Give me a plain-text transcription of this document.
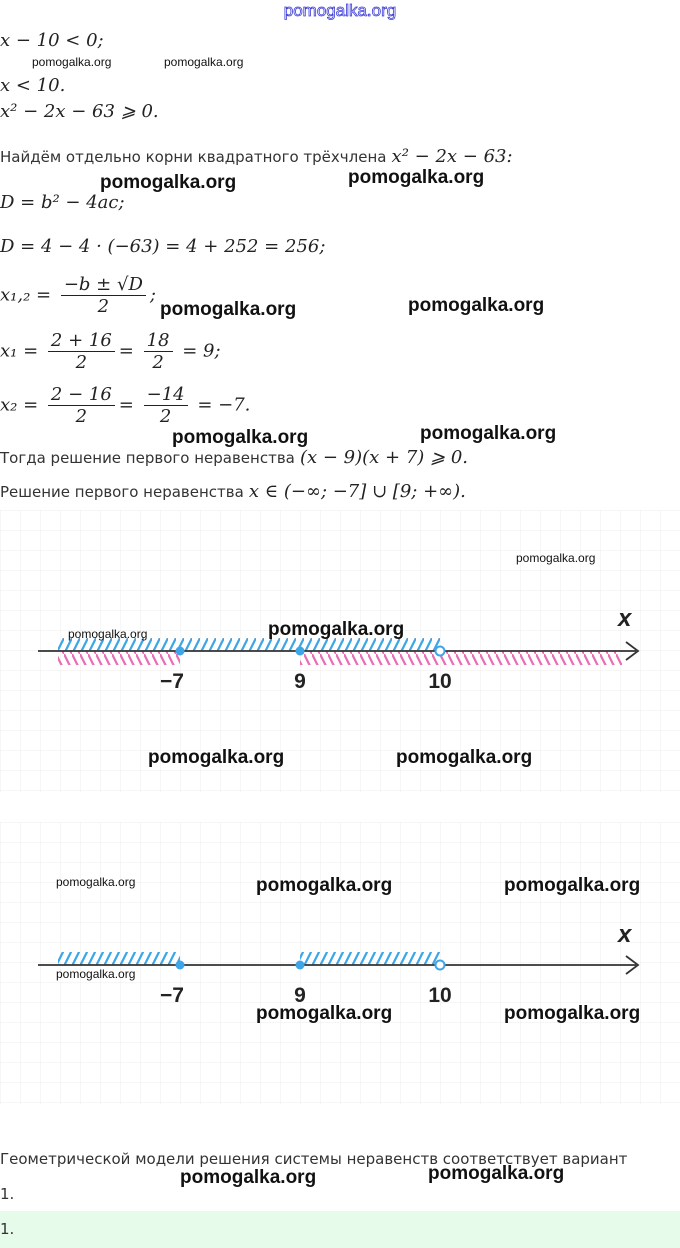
pomogalka.org
x − 10 < 0;
x < 10.
x² − 2x − 63 ⩾ 0.
Найдём отдельно корни квадратного трёхчлена x² − 2x − 63:
D = b² − 4ac;
D = 4 − 4 · (−63) = 4 + 252 = 256;
$x_1,_2 = \frac{-b \pm √D}{2}$ ;
$x_1 = \frac{2 + 16}{2} = \frac{18}{2} = 9$;
$x_2 = \frac{2 - 16}{2} = \frac{-14}{2} = -7$.
Тогда решение первого неравенства (x − 9)(x + 7) ⩾ 0.
Решение первого неравенства x ∈ (−∞; −7] ∪ [9; +∞).
x
−7	9	10
x
−7	9	10
Геометрической модели решения системы неравенств соответствует вариант
1.
1.
pomogalka.org	pomogalka.org
pomogalka.org	pomogalka.org
pomogalka.org	pomogalka.org
pomogalka.org	pomogalka.org
pomogalka.org
pomogalka.org	pomogalka.org
pomogalka.org	pomogalka.org
pomogalka.org	pomogalka.org	pomogalka.org
pomogalka.org
pomogalka.org	pomogalka.org
pomogalka.org	pomogalka.org
